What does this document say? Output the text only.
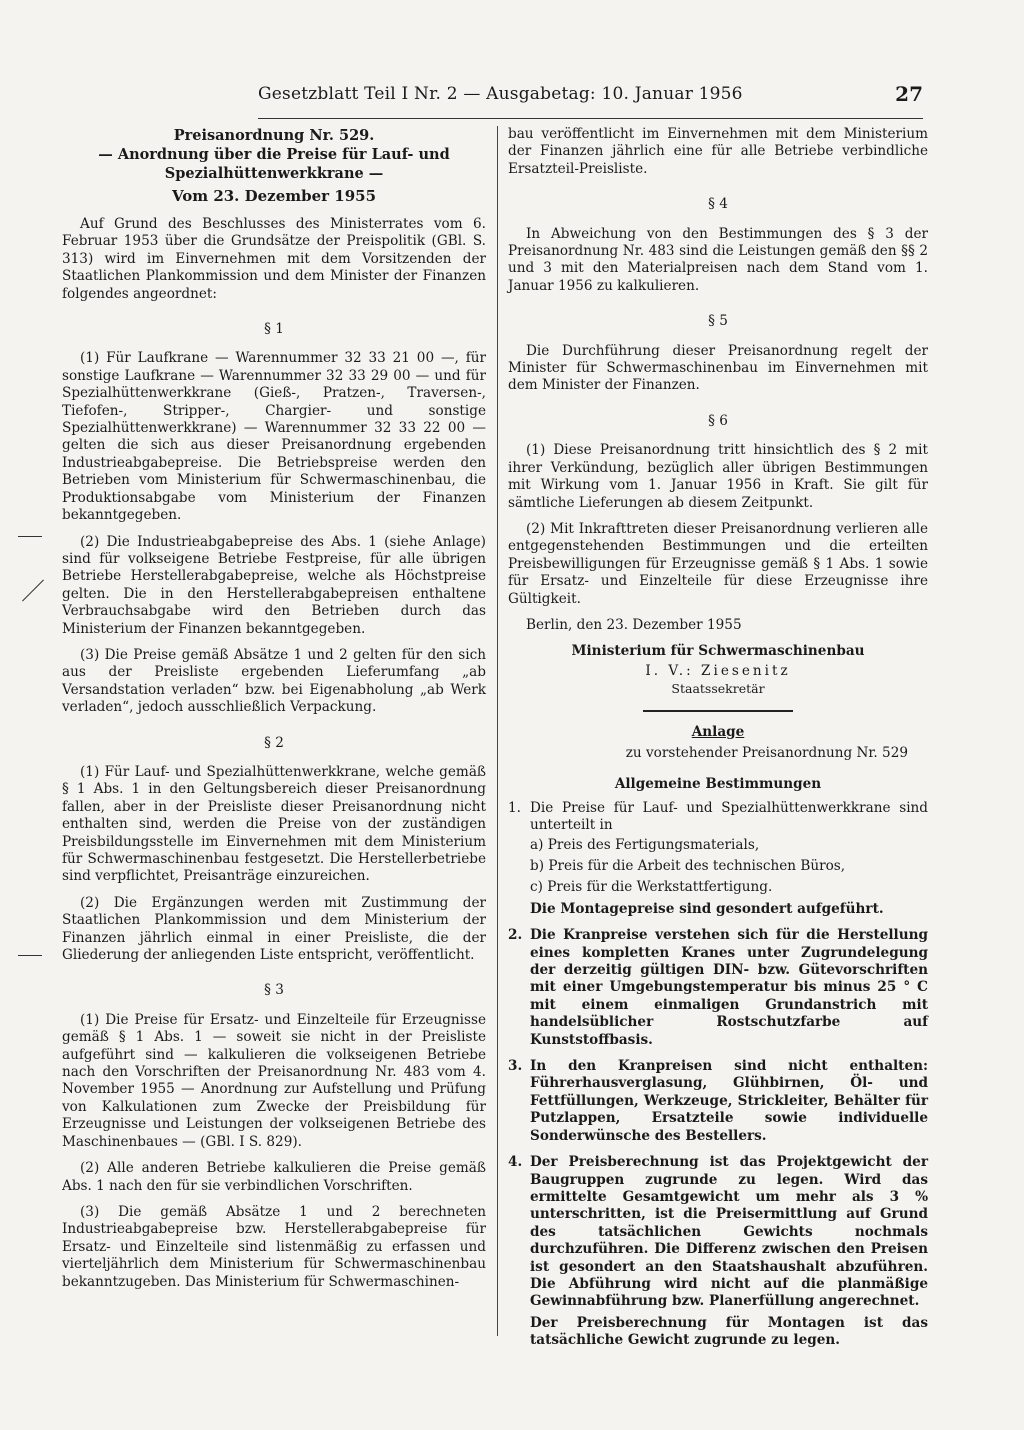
Gesetzblatt Teil I Nr. 2 — Ausgabetag: 10. Januar 1956	27
Preisanordnung Nr. 529.
— Anordnung über die Preise für Lauf- und Spezialhüttenwerkkrane —
Vom 23. Dezember 1955

Auf Grund des Beschlusses des Ministerrates vom 6. Februar 1953 über die Grundsätze der Preispolitik (GBl. S. 313) wird im Einvernehmen mit dem Vorsitzenden der Staatlichen Plankommission und dem Minister der Finanzen folgendes angeordnet:

§ 1

(1) Für Laufkrane — Warennummer 32 33 21 00 —, für sonstige Laufkrane — Warennummer 32 33 29 00 — und für Spezialhüttenwerkkrane (Gieß-, Pratzen-, Traversen-, Tiefofen-, Stripper-, Chargier- und sonstige Spezialhüttenwerkkrane) — Warennummer 32 33 22 00 — gelten die sich aus dieser Preisanordnung ergebenden Industrieabgabepreise. Die Betriebspreise werden den Betrieben vom Ministerium für Schwermaschinenbau, die Produktionsabgabe vom Ministerium der Finanzen bekanntgegeben.

(2) Die Industrieabgabepreise des Abs. 1 (siehe Anlage) sind für volkseigene Betriebe Festpreise, für alle übrigen Betriebe Herstellerabgabepreise, welche als Höchstpreise gelten. Die in den Herstellerabgabepreisen enthaltene Verbrauchsabgabe wird den Betrieben durch das Ministerium der Finanzen bekanntgegeben.

(3) Die Preise gemäß Absätze 1 und 2 gelten für den sich aus der Preisliste ergebenden Lieferumfang „ab Versandstation verladen“ bzw. bei Eigenabholung „ab Werk verladen“, jedoch ausschließlich Verpackung.

§ 2

(1) Für Lauf- und Spezialhüttenwerkkrane, welche gemäß § 1 Abs. 1 in den Geltungsbereich dieser Preisanordnung fallen, aber in der Preisliste dieser Preisanordnung nicht enthalten sind, werden die Preise von der zuständigen Preisbildungsstelle im Einvernehmen mit dem Ministerium für Schwermaschinenbau festgesetzt. Die Herstellerbetriebe sind verpflichtet, Preisanträge einzureichen.

(2) Die Ergänzungen werden mit Zustimmung der Staatlichen Plankommission und dem Ministerium der Finanzen jährlich einmal in einer Preisliste, die der Gliederung der anliegenden Liste entspricht, veröffentlicht.

§ 3

(1) Die Preise für Ersatz- und Einzelteile für Erzeugnisse gemäß § 1 Abs. 1 — soweit sie nicht in der Preisliste aufgeführt sind — kalkulieren die volkseigenen Betriebe nach den Vorschriften der Preisanordnung Nr. 483 vom 4. November 1955 — Anordnung zur Aufstellung und Prüfung von Kalkulationen zum Zwecke der Preisbildung für Erzeugnisse und Leistungen der volkseigenen Betriebe des Maschinenbaues — (GBl. I S. 829).

(2) Alle anderen Betriebe kalkulieren die Preise gemäß Abs. 1 nach den für sie verbindlichen Vorschriften.

(3) Die gemäß Absätze 1 und 2 berechneten Industrieabgabepreise bzw. Herstellerabgabepreise für Ersatz- und Einzelteile sind listenmäßig zu erfassen und vierteljährlich dem Ministerium für Schwermaschinenbau bekanntzugeben. Das Ministerium für Schwermaschinen-

bau veröffentlicht im Einvernehmen mit dem Ministerium der Finanzen jährlich eine für alle Betriebe verbindliche Ersatzteil-Preisliste.

§ 4

In Abweichung von den Bestimmungen des § 3 der Preisanordnung Nr. 483 sind die Leistungen gemäß den §§ 2 und 3 mit den Materialpreisen nach dem Stand vom 1. Januar 1956 zu kalkulieren.

§ 5

Die Durchführung dieser Preisanordnung regelt der Minister für Schwermaschinenbau im Einvernehmen mit dem Minister der Finanzen.

§ 6

(1) Diese Preisanordnung tritt hinsichtlich des § 2 mit ihrer Verkündung, bezüglich aller übrigen Bestimmungen mit Wirkung vom 1. Januar 1956 in Kraft. Sie gilt für sämtliche Lieferungen ab diesem Zeitpunkt.

(2) Mit Inkrafttreten dieser Preisanordnung verlieren alle entgegenstehenden Bestimmungen und die erteilten Preisbewilligungen für Erzeugnisse gemäß § 1 Abs. 1 sowie für Ersatz- und Einzelteile für diese Erzeugnisse ihre Gültigkeit.

Berlin, den 23. Dezember 1955

Ministerium für Schwermaschinenbau
I. V.: Ziesenitz
Staatssekretär
Anlage
zu vorstehender Preisanordnung Nr. 529
Allgemeine Bestimmungen
1. Die Preise für Lauf- und Spezialhüttenwerkkrane sind unterteilt in
a) Preis des Fertigungsmaterials,
b) Preis für die Arbeit des technischen Büros,
c) Preis für die Werkstattfertigung.
Die Montagepreise sind gesondert aufgeführt.
2. Die Kranpreise verstehen sich für die Herstellung eines kompletten Kranes unter Zugrundelegung der derzeitig gültigen DIN- bzw. Gütevorschriften mit einer Umgebungstemperatur bis minus 25 ° C mit einem einmaligen Grundanstrich mit handelsüblicher Rostschutzfarbe auf Kunststoffbasis.
3. In den Kranpreisen sind nicht enthalten: Führerhausverglasung, Glühbirnen, Öl- und Fettfüllungen, Werkzeuge, Strickleiter, Behälter für Putzlappen, Ersatzteile sowie individuelle Sonderwünsche des Bestellers.
4. Der Preisberechnung ist das Projektgewicht der Baugruppen zugrunde zu legen. Wird das ermittelte Gesamtgewicht um mehr als 3 % unterschritten, ist die Preisermittlung auf Grund des tatsächlichen Gewichts nochmals durchzuführen. Die Differenz zwischen den Preisen ist gesondert an den Staatshaushalt abzuführen. Die Abführung wird nicht auf die planmäßige Gewinnabführung bzw. Planerfüllung angerechnet.
Der Preisberechnung für Montagen ist das tatsächliche Gewicht zugrunde zu legen.
